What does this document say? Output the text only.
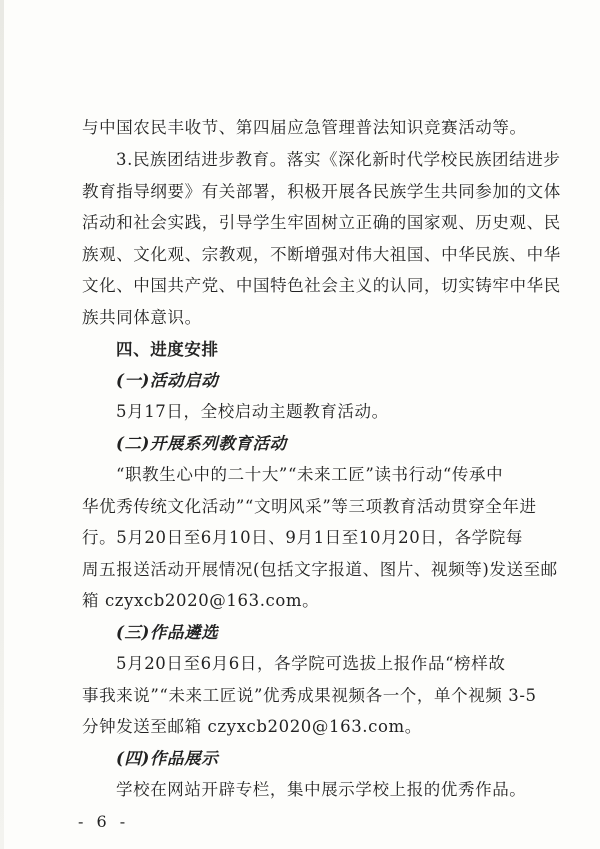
与中国农民丰收节、第四届应急管理普法知识竞赛活动等。
3.民族团结进步教育。落实《深化新时代学校民族团结进步
教育指导纲要》有关部署，积极开展各民族学生共同参加的文体
活动和社会实践，引导学生牢固树立正确的国家观、历史观、民
族观、文化观、宗教观，不断增强对伟大祖国、中华民族、中华
文化、中国共产党、中国特色社会主义的认同，切实铸牢中华民
族共同体意识。
四、进度安排
(一)活动启动
5月17日，全校启动主题教育活动。
(二)开展系列教育活动
“职教生心中的二十大”“未来工匠”读书行动“传承中
华优秀传统文化活动”“文明风采”等三项教育活动贯穿全年进
行。5月20日至6月10日、9月1日至10月20日，各学院每
周五报送活动开展情况(包括文字报道、图片、视频等)发送至邮
箱 czyxcb2020@163.com。
(三)作品遴选
5月20日至6月6日，各学院可选拔上报作品“榜样故
事我来说”“未来工匠说”优秀成果视频各一个，单个视频 3-5
分钟发送至邮箱 czyxcb2020@163.com。
(四)作品展示
学校在网站开辟专栏，集中展示学校上报的优秀作品。
- 6 -
